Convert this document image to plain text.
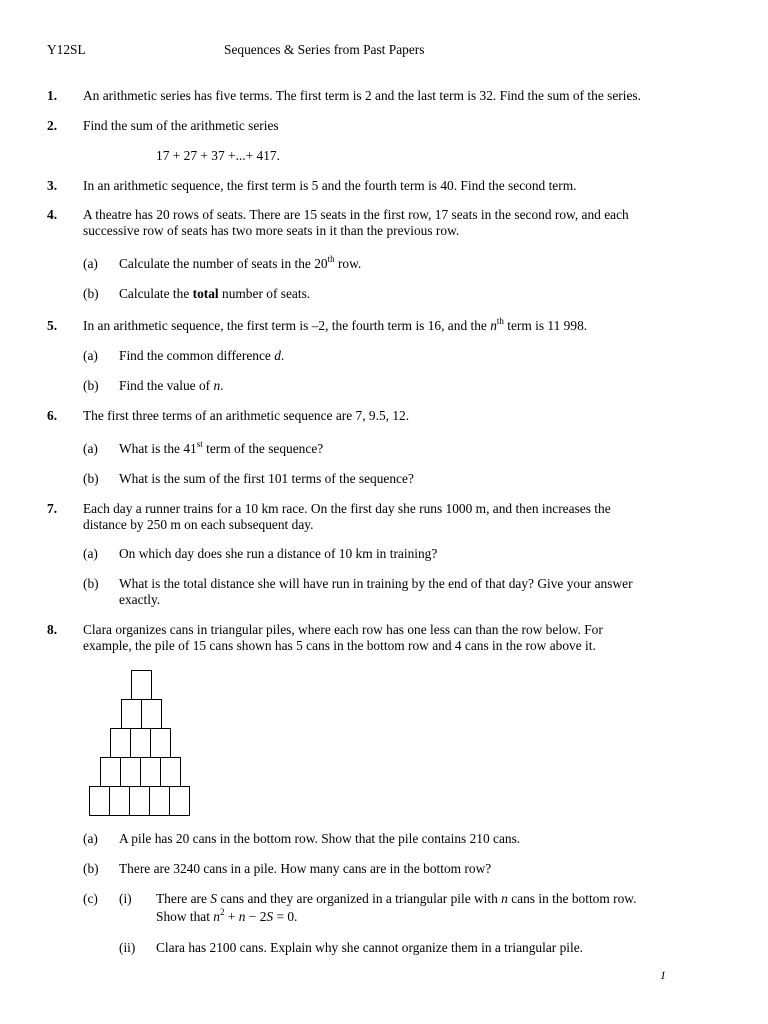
Y12SL	Sequences & Series from Past Papers
1. An arithmetic series has five terms. The first term is 2 and the last term is 32. Find the sum of the series.
2. Find the sum of the arithmetic series
17 + 27 + 37 +...+ 417.
3. In an arithmetic sequence, the first term is 5 and the fourth term is 40. Find the second term.
4. A theatre has 20 rows of seats. There are 15 seats in the first row, 17 seats in the second row, and each
successive row of seats has two more seats in it than the previous row.
(a) Calculate the number of seats in the 20th row.
(b) Calculate the total number of seats.
5. In an arithmetic sequence, the first term is –2, the fourth term is 16, and the $n^{th}$ term is 11 998.
(a) Find the common difference d.
(b) Find the value of n.
6. The first three terms of an arithmetic sequence are 7, 9.5, 12.
(a) What is the 41st term of the sequence?
(b) What is the sum of the first 101 terms of the sequence?
7. Each day a runner trains for a 10 km race. On the first day she runs 1000 m, and then increases the
distance by 250 m on each subsequent day.
(a) On which day does she run a distance of 10 km in training?
(b) What is the total distance she will have run in training by the end of that day? Give your answer
exactly.
8. Clara organizes cans in triangular piles, where each row has one less can than the row below. For
example, the pile of 15 cans shown has 5 cans in the bottom row and 4 cans in the row above it.
(a) A pile has 20 cans in the bottom row. Show that the pile contains 210 cans.
(b) There are 3240 cans in a pile. How many cans are in the bottom row?
(c) (i) There are S cans and they are organized in a triangular pile with n cans in the bottom row.
Show that $n^2 + n - 2S = 0$.
(ii) Clara has 2100 cans. Explain why she cannot organize them in a triangular pile.
1
